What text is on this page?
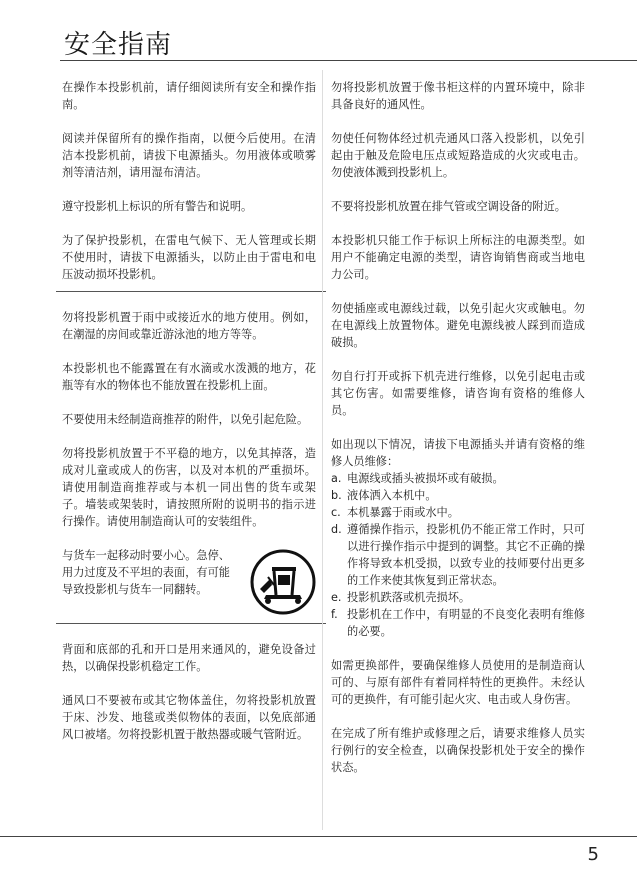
安全指南

在操作本投影机前，请仔细阅读所有安全和操作指南。

阅读并保留所有的操作指南，以便今后使用。在清洁本投影机前，请拔下电源插头。勿用液体或喷雾剂等清洁剂，请用湿布清洁。

遵守投影机上标识的所有警告和说明。

为了保护投影机，在雷电气候下、无人管理或长期不使用时，请拔下电源插头，以防止由于雷电和电压波动损坏投影机。

勿将投影机置于雨中或接近水的地方使用。例如，在潮湿的房间或靠近游泳池的地方等等。

本投影机也不能露置在有水滴或水泼溅的地方，花瓶等有水的物体也不能放置在投影机上面。

不要使用未经制造商推荐的附件，以免引起危险。

勿将投影机放置于不平稳的地方，以免其掉落，造成对儿童或成人的伤害，以及对本机的严重损坏。请使用制造商推荐或与本机一同出售的货车或架子。墙装或架装时，请按照所附的说明书的指示进行操作。请使用制造商认可的安装组件。

与货车一起移动时要小心。急停、用力过度及不平坦的表面，有可能导致投影机与货车一同翻转。

背面和底部的孔和开口是用来通风的，避免设备过热，以确保投影机稳定工作。

通风口不要被布或其它物体盖住，勿将投影机放置于床、沙发、地毯或类似物体的表面，以免底部通风口被堵。勿将投影机置于散热器或暖气管附近。

勿将投影机放置于像书柜这样的内置环境中，除非具备良好的通风性。

勿使任何物体经过机壳通风口落入投影机，以免引起由于触及危险电压点或短路造成的火灾或电击。勿使液体溅到投影机上。

不要将投影机放置在排气管或空调设备的附近。

本投影机只能工作于标识上所标注的电源类型。如用户不能确定电源的类型，请咨询销售商或当地电力公司。

勿使插座或电源线过载，以免引起火灾或触电。勿在电源线上放置物体。避免电源线被人踩到而造成破损。

勿自行打开或拆下机壳进行维修，以免引起电击或其它伤害。如需要维修，请咨询有资格的维修人员。

如出现以下情况，请拔下电源插头并请有资格的维修人员维修：

a. 电源线或插头被损坏或有破损。
b. 液体洒入本机中。
c. 本机暴露于雨或水中。
d. 遵循操作指示，投影机仍不能正常工作时，只可以进行操作指示中提到的调整。其它不正确的操作将导致本机受损，以致专业的技师要付出更多的工作来使其恢复到正常状态。
e. 投影机跌落或机壳损坏。
f. 投影机在工作中，有明显的不良变化表明有维修的必要。

如需更换部件，要确保维修人员使用的是制造商认可的、与原有部件有着同样特性的更换件。未经认可的更换件，有可能引起火灾、电击或人身伤害。

在完成了所有维护或修理之后，请要求维修人员实行例行的安全检查，以确保投影机处于安全的操作状态。

5
